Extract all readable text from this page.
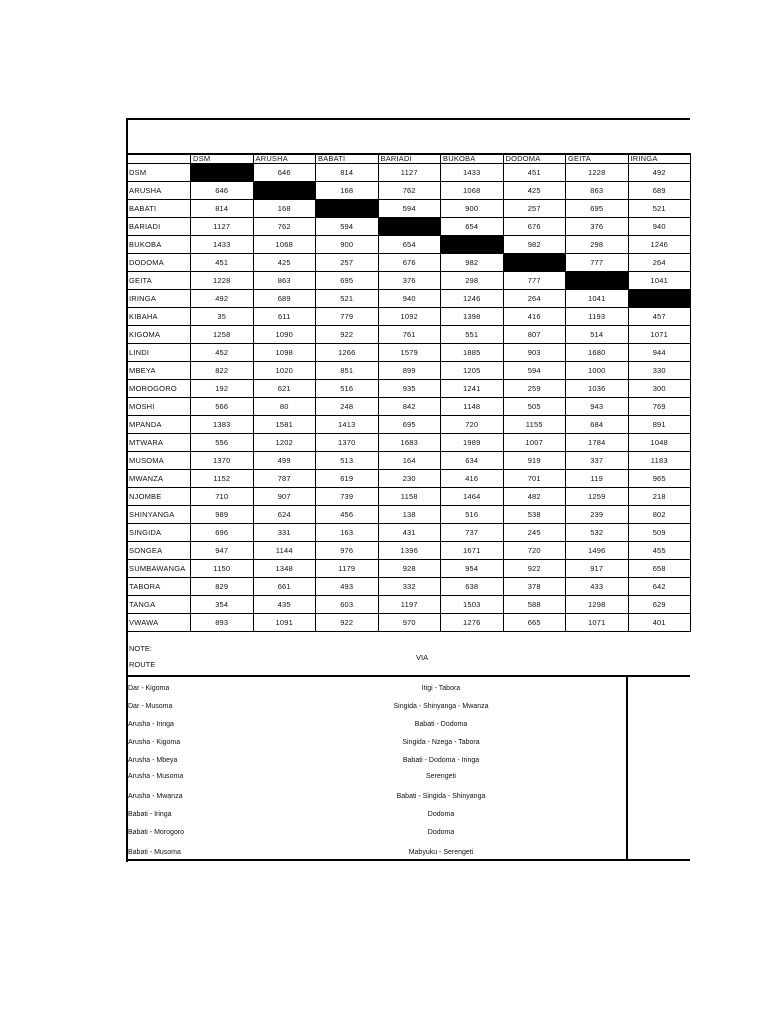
	DSM	ARUSHA	BABATI	BARIADI	BUKOBA	DODOMA	GEITA	IRINGA
DSM		646	814	1127	1433	451	1228	492
ARUSHA	646		168	762	1068	425	863	689
BABATI	814	168		594	900	257	695	521
BARIADI	1127	762	594		654	676	376	940
BUKOBA	1433	1068	900	654		982	298	1246
DODOMA	451	425	257	676	982		777	264
GEITA	1228	863	695	376	298	777		1041
IRINGA	492	689	521	940	1246	264	1041	
KIBAHA	35	611	779	1092	1398	416	1193	457
KIGOMA	1258	1090	922	761	551	807	514	1071
LINDI	452	1098	1266	1579	1885	903	1680	944
MBEYA	822	1020	851	899	1205	594	1000	330
MOROGORO	192	621	516	935	1241	259	1036	300
MOSHI	566	80	248	842	1148	505	943	769
MPANDA	1383	1581	1413	695	720	1155	684	891
MTWARA	556	1202	1370	1683	1989	1007	1784	1048
MUSOMA	1370	499	513	164	634	919	337	1183
MWANZA	1152	787	619	230	416	701	119	965
NJOMBE	710	907	739	1158	1464	482	1259	218
SHINYANGA	989	624	456	138	516	538	239	802
SINGIDA	696	331	163	431	737	245	532	509
SONGEA	947	1144	976	1396	1671	720	1496	455
SUMBAWANGA	1150	1348	1179	928	954	922	917	658
TABORA	829	661	493	332	638	378	433	642
TANGA	354	435	603	1197	1503	588	1298	629
VWAWA	893	1091	922	970	1276	665	1071	401
NOTE:
ROUTE
VIA
Dar - Kigoma	Itigi - Tabora
Dar - Musoma	Singida - Shinyanga - Mwanza
Arusha - Iringa	Babati - Dodoma
Arusha - Kigoma	Singida - Nzega - Tabora
Arusha - Mbeya	Babati - Dodoma - Iringa
Arusha - Musoma	Serengeti
Arusha - Mwanza	Babati - Singida - Shinyanga
Babati - Iringa	Dodoma
Babati - Morogoro	Dodoma
Babati - Musoma	Mabyuku - Serengeti
